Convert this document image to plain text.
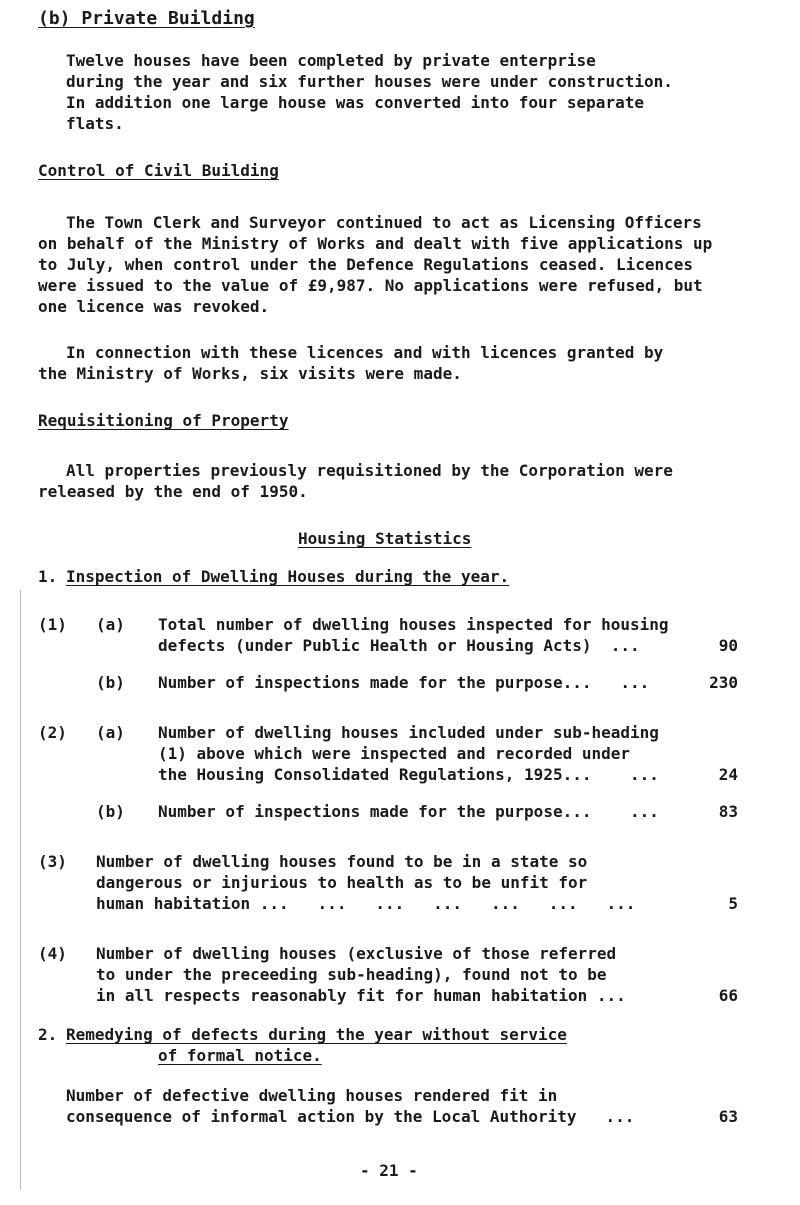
(b) Private Building
Twelve houses have been completed by private enterprise
during the year and six further houses were under construction.
In addition one large house was converted into four separate
flats.
Control of Civil Building
The Town Clerk and Surveyor continued to act as Licensing Officers
on behalf of the Ministry of Works and dealt with five applications up
to July, when control under the Defence Regulations ceased. Licences
were issued to the value of £9,987. No applications were refused, but
one licence was revoked.
In connection with these licences and with licences granted by
the Ministry of Works, six visits were made.
Requisitioning of Property
All properties previously requisitioned by the Corporation were
released by the end of 1950.
Housing Statistics
1. Inspection of Dwelling Houses during the year.
(1) (a) Total number of dwelling houses inspected for housing
defects (under Public Health or Housing Acts)  ...	90
(b) Number of inspections made for the purpose...   ...	230
(2) (a) Number of dwelling houses included under sub-heading
(1) above which were inspected and recorded under
the Housing Consolidated Regulations, 1925...    ...	24
(b) Number of inspections made for the purpose...    ...	83
(3) Number of dwelling houses found to be in a state so
dangerous or injurious to health as to be unfit for
human habitation ...   ...   ...   ...   ...   ...   ...	5
(4) Number of dwelling houses (exclusive of those referred
to under the preceeding sub-heading), found not to be
in all respects reasonably fit for human habitation ...	66
2. Remedying of defects during the year without service
of formal notice.
Number of defective dwelling houses rendered fit in
consequence of informal action by the Local Authority   ...	63
- 21 -
